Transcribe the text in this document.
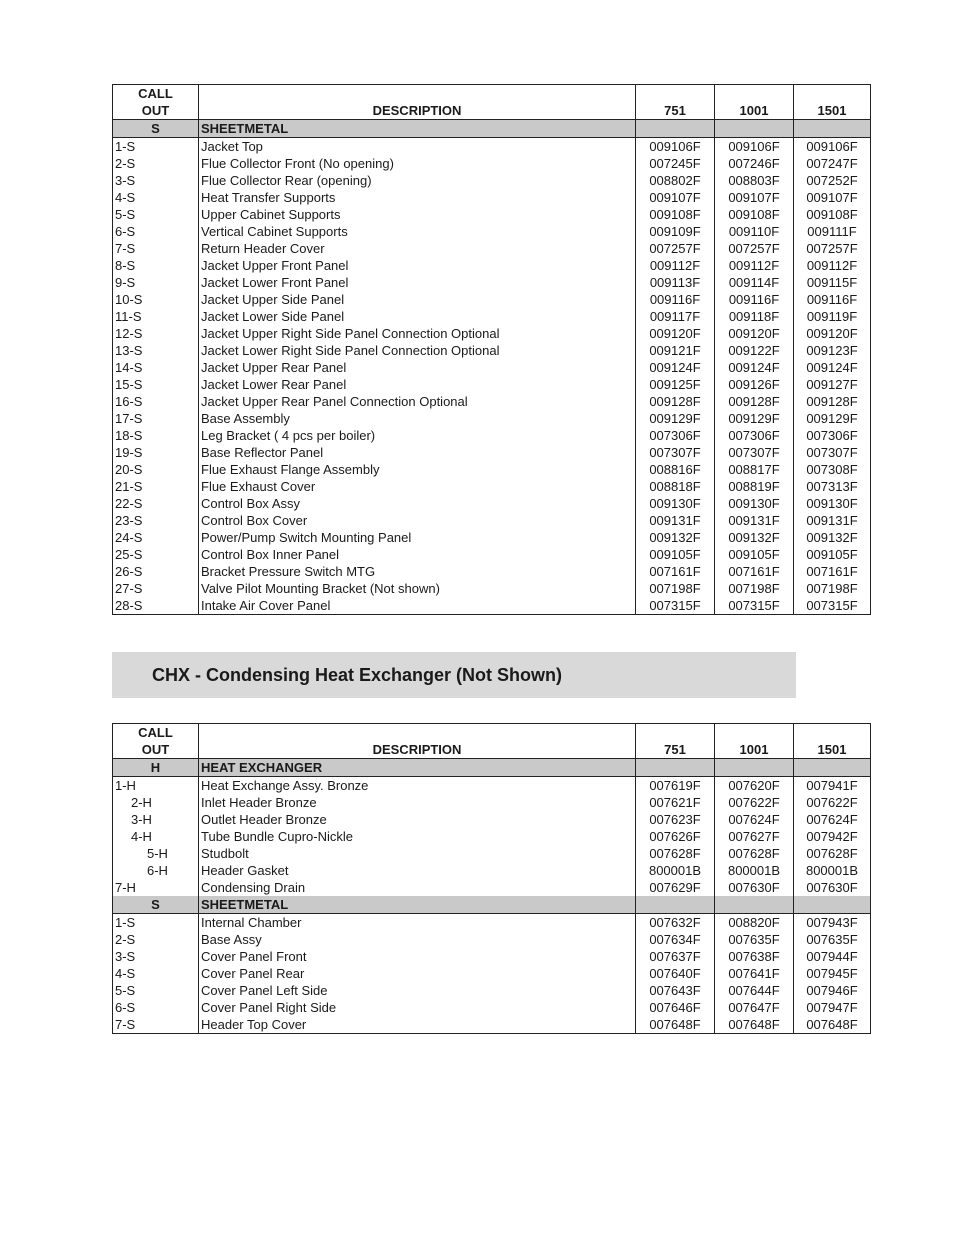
CALL
OUT	DESCRIPTION	751	1001	1501
S	SHEETMETAL			
1-S	Jacket Top	009106F	009106F	009106F
2-S	Flue Collector Front (No opening)	007245F	007246F	007247F
3-S	Flue Collector Rear (opening)	008802F	008803F	007252F
4-S	Heat Transfer Supports	009107F	009107F	009107F
5-S	Upper Cabinet Supports	009108F	009108F	009108F
6-S	Vertical Cabinet Supports	009109F	009110F	009111F
7-S	Return Header Cover	007257F	007257F	007257F
8-S	Jacket Upper Front Panel	009112F	009112F	009112F
9-S	Jacket Lower Front Panel	009113F	009114F	009115F
10-S	Jacket Upper Side Panel	009116F	009116F	009116F
11-S	Jacket Lower Side Panel	009117F	009118F	009119F
12-S	Jacket Upper Right Side Panel Connection Optional	009120F	009120F	009120F
13-S	Jacket Lower Right Side Panel Connection Optional	009121F	009122F	009123F
14-S	Jacket Upper Rear Panel	009124F	009124F	009124F
15-S	Jacket Lower Rear Panel	009125F	009126F	009127F
16-S	Jacket Upper Rear Panel Connection Optional	009128F	009128F	009128F
17-S	Base Assembly	009129F	009129F	009129F
18-S	Leg Bracket ( 4 pcs per boiler)	007306F	007306F	007306F
19-S	Base Reflector Panel	007307F	007307F	007307F
20-S	Flue Exhaust Flange Assembly	008816F	008817F	007308F
21-S	Flue Exhaust Cover	008818F	008819F	007313F
22-S	Control Box Assy	009130F	009130F	009130F
23-S	Control Box Cover	009131F	009131F	009131F
24-S	Power/Pump Switch Mounting Panel	009132F	009132F	009132F
25-S	Control Box Inner Panel	009105F	009105F	009105F
26-S	Bracket Pressure Switch MTG	007161F	007161F	007161F
27-S	Valve Pilot Mounting Bracket (Not shown)	007198F	007198F	007198F
28-S	Intake Air Cover Panel	007315F	007315F	007315F
CHX - Condensing Heat Exchanger (Not Shown)
CALL
OUT	DESCRIPTION	751	1001	1501
H	HEAT EXCHANGER			
1-H	Heat Exchange Assy. Bronze	007619F	007620F	007941F
2-H	Inlet Header Bronze	007621F	007622F	007622F
3-H	Outlet Header Bronze	007623F	007624F	007624F
4-H	Tube Bundle Cupro-Nickle	007626F	007627F	007942F
5-H	Studbolt	007628F	007628F	007628F
6-H	Header Gasket	800001B	800001B	800001B
7-H	Condensing Drain	007629F	007630F	007630F
S	SHEETMETAL			
1-S	Internal Chamber	007632F	008820F	007943F
2-S	Base Assy	007634F	007635F	007635F
3-S	Cover Panel Front	007637F	007638F	007944F
4-S	Cover Panel Rear	007640F	007641F	007945F
5-S	Cover Panel Left Side	007643F	007644F	007946F
6-S	Cover Panel Right Side	007646F	007647F	007947F
7-S	Header Top Cover	007648F	007648F	007648F
